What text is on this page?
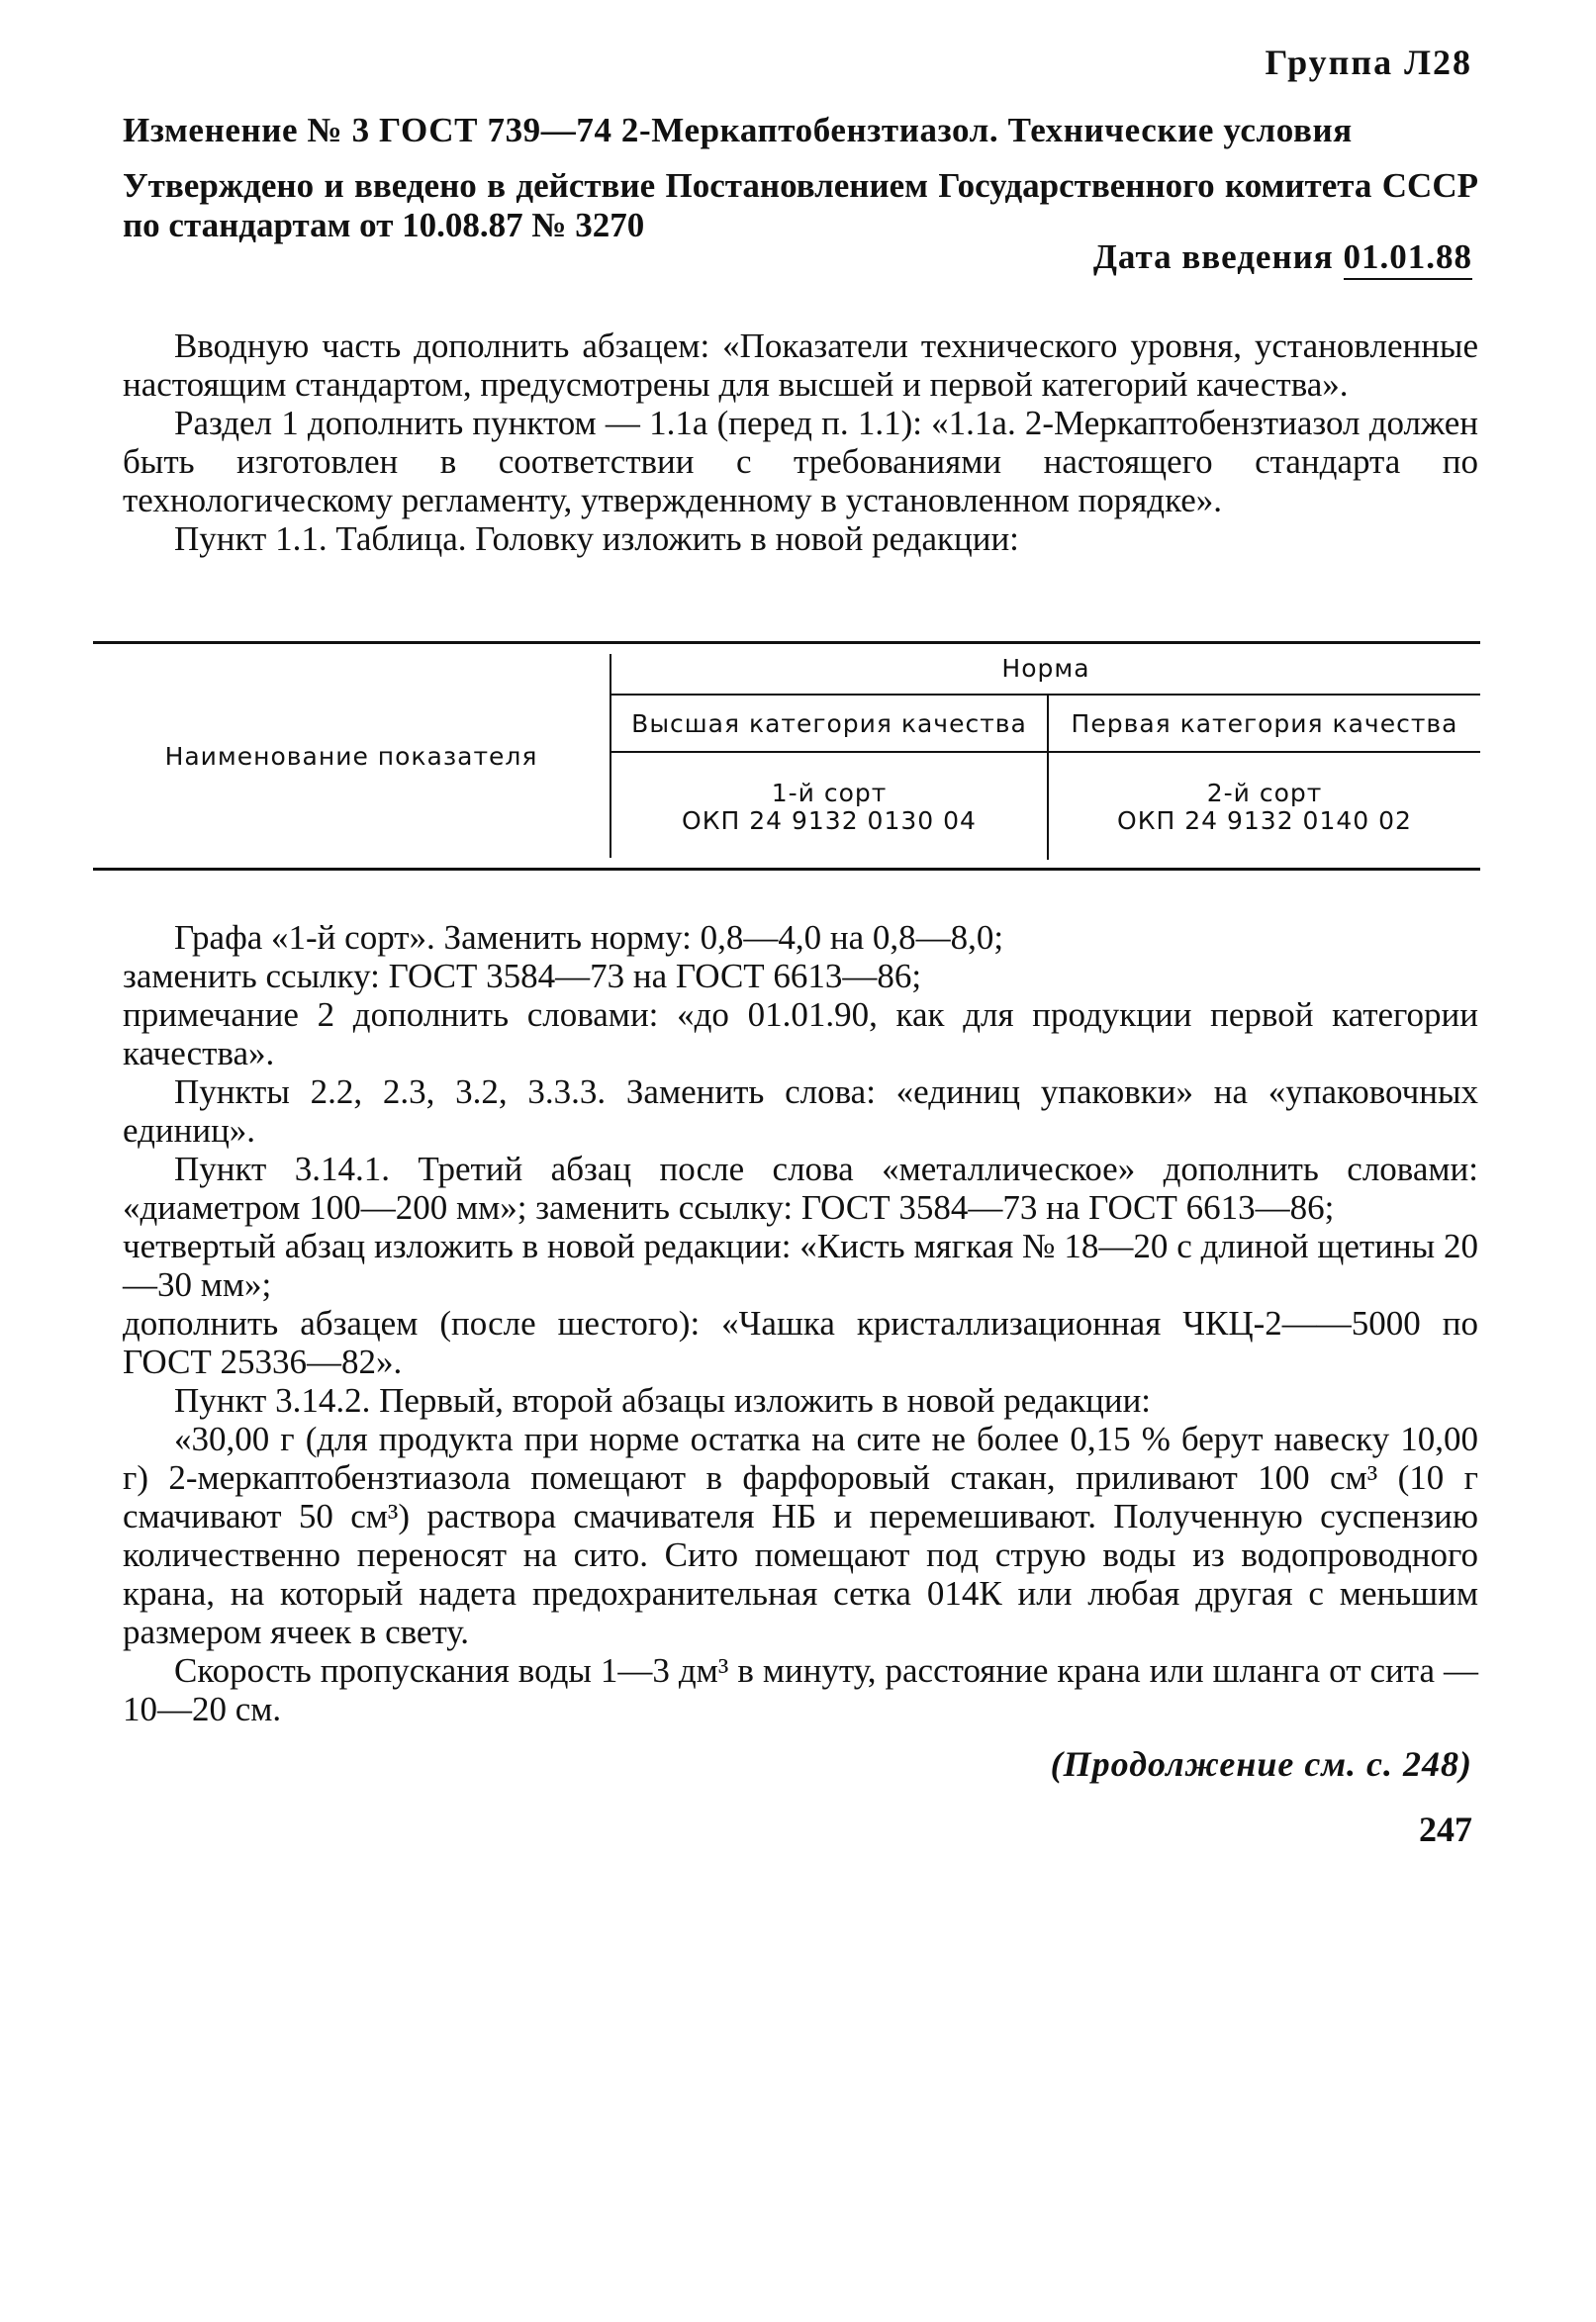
Группа Л28
Изменение № 3 ГОСТ 739—74 2-Меркаптобензтиазол. Технические условия
Утверждено и введено в действие Постановлением Государственного комитета СССР по стандартам от 10.08.87 № 3270
Дата введения 01.01.88

Вводную часть дополнить абзацем: «Показатели технического уровня, установленные настоящим стандартом, предусмотрены для высшей и первой категорий качества».

Раздел 1 дополнить пунктом — 1.1а (перед п. 1.1): «1.1а. 2-Меркаптобензтиазол должен быть изготовлен в соответствии с требованиями настоящего стандарта по технологическому регламенту, утвержденному в установленном порядке».

Пункт 1.1. Таблица. Головку изложить в новой редакции:

Наименование показателя
Норма
Высшая категория качества	Первая категория качества
1-й сорт
ОКП 24 9132 0130 04
2-й сорт
ОКП 24 9132 0140 02

Графа «1-й сорт». Заменить норму: 0,8—4,0 на 0,8—8,0;

заменить ссылку: ГОСТ 3584—73 на ГОСТ 6613—86;

примечание 2 дополнить словами: «до 01.01.90, как для продукции первой категории качества».

Пункты 2.2, 2.3, 3.2, 3.3.3. Заменить слова: «единиц упаковки» на «упаковочных единиц».

Пункт 3.14.1. Третий абзац после слова «металлическое» дополнить словами: «диаметром 100—200 мм»; заменить ссылку: ГОСТ 3584—73 на ГОСТ 6613—86;

четвертый абзац изложить в новой редакции: «Кисть мягкая № 18—20 с длиной щетины 20—30 мм»;

дополнить абзацем (после шестого): «Чашка кристаллизационная ЧКЦ-2——5000 по ГОСТ 25336—82».

Пункт 3.14.2. Первый, второй абзацы изложить в новой редакции:

«30,00 г (для продукта при норме остатка на сите не более 0,15 % берут навеску 10,00 г) 2-меркаптобензтиазола помещают в фарфоровый стакан, приливают 100 см³ (10 г смачивают 50 см³) раствора смачивателя НБ и перемешивают. Полученную суспензию количественно переносят на сито. Сито помещают под струю воды из водопроводного крана, на который надета предохранительная сетка 014К или любая другая с меньшим размером ячеек в свету.

Скорость пропускания воды 1—3 дм³ в минуту, расстояние крана или шланга от сита — 10—20 см.

(Продолжение см. с. 248)
247
